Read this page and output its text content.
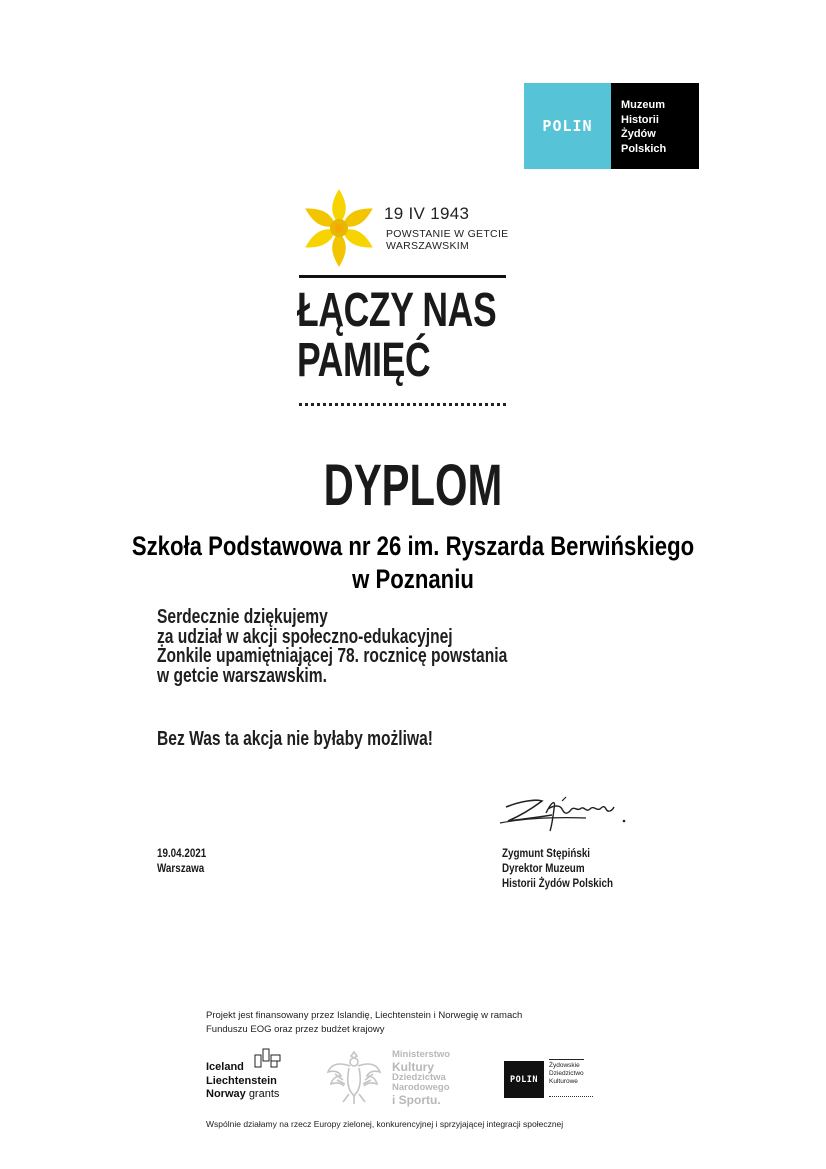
POLIN
Muzeum
Historii
Żydów
Polskich
19 IV 1943
POWSTANIE W GETCIE
WARSZAWSKIM
ŁĄCZY NAS
PAMIĘĆ
DYPLOM
Szkoła Podstawowa nr 26 im. Ryszarda Berwińskiego w Poznaniu
Serdecznie dziękujemy
za udział w akcji społeczno-edukacyjnej
Żonkile upamiętniającej 78. rocznicę powstania
w getcie warszawskim.
Bez Was ta akcja nie byłaby możliwa!
19.04.2021
Warszawa
Zygmunt Stępiński
Dyrektor Muzeum
Historii Żydów Polskich
Projekt jest finansowany przez Islandię, Liechtenstein i Norwegię w ramach
Funduszu EOG oraz przez budżet krajowy
Iceland
Liechtenstein
Norway grants
Ministerstwo
Kultury
Dziedzictwa
Narodowego
i Sportu.
POLIN
Żydowskie
Dziedzictwo
Kulturowe
Wspólnie działamy na rzecz Europy zielonej, konkurencyjnej i sprzyjającej integracji społecznej
